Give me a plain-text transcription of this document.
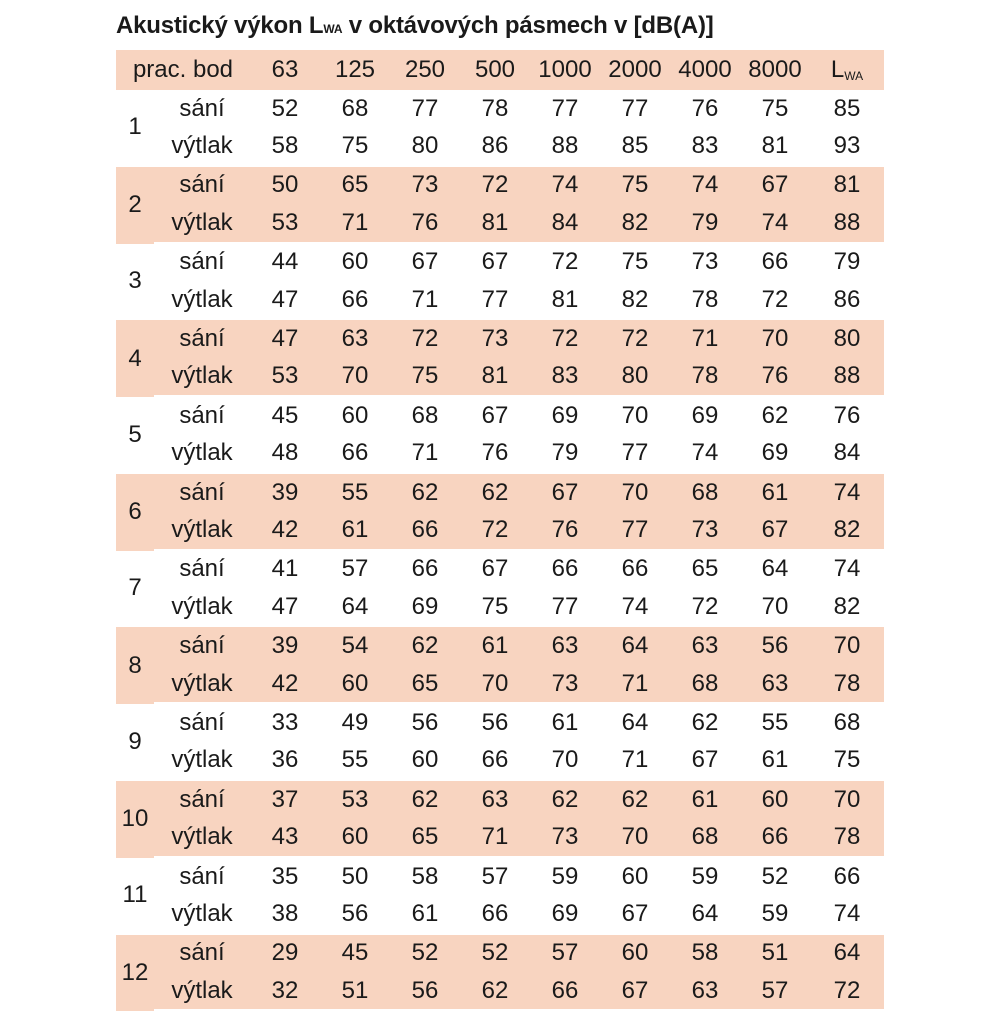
Akustický výkon LWA v oktávových pásmech v [dB(A)]
prac. bod		63	125	250	500	1000	2000	4000	8000	LWA
1	sání	52	68	77	78	77	77	76	75	85
	výtlak	58	75	80	86	88	85	83	81	93
2	sání	50	65	73	72	74	75	74	67	81
	výtlak	53	71	76	81	84	82	79	74	88
3	sání	44	60	67	67	72	75	73	66	79
	výtlak	47	66	71	77	81	82	78	72	86
4	sání	47	63	72	73	72	72	71	70	80
	výtlak	53	70	75	81	83	80	78	76	88
5	sání	45	60	68	67	69	70	69	62	76
	výtlak	48	66	71	76	79	77	74	69	84
6	sání	39	55	62	62	67	70	68	61	74
	výtlak	42	61	66	72	76	77	73	67	82
7	sání	41	57	66	67	66	66	65	64	74
	výtlak	47	64	69	75	77	74	72	70	82
8	sání	39	54	62	61	63	64	63	56	70
	výtlak	42	60	65	70	73	71	68	63	78
9	sání	33	49	56	56	61	64	62	55	68
	výtlak	36	55	60	66	70	71	67	61	75
10	sání	37	53	62	63	62	62	61	60	70
	výtlak	43	60	65	71	73	70	68	66	78
11	sání	35	50	58	57	59	60	59	52	66
	výtlak	38	56	61	66	69	67	64	59	74
12	sání	29	45	52	52	57	60	58	51	64
	výtlak	32	51	56	62	66	67	63	57	72
